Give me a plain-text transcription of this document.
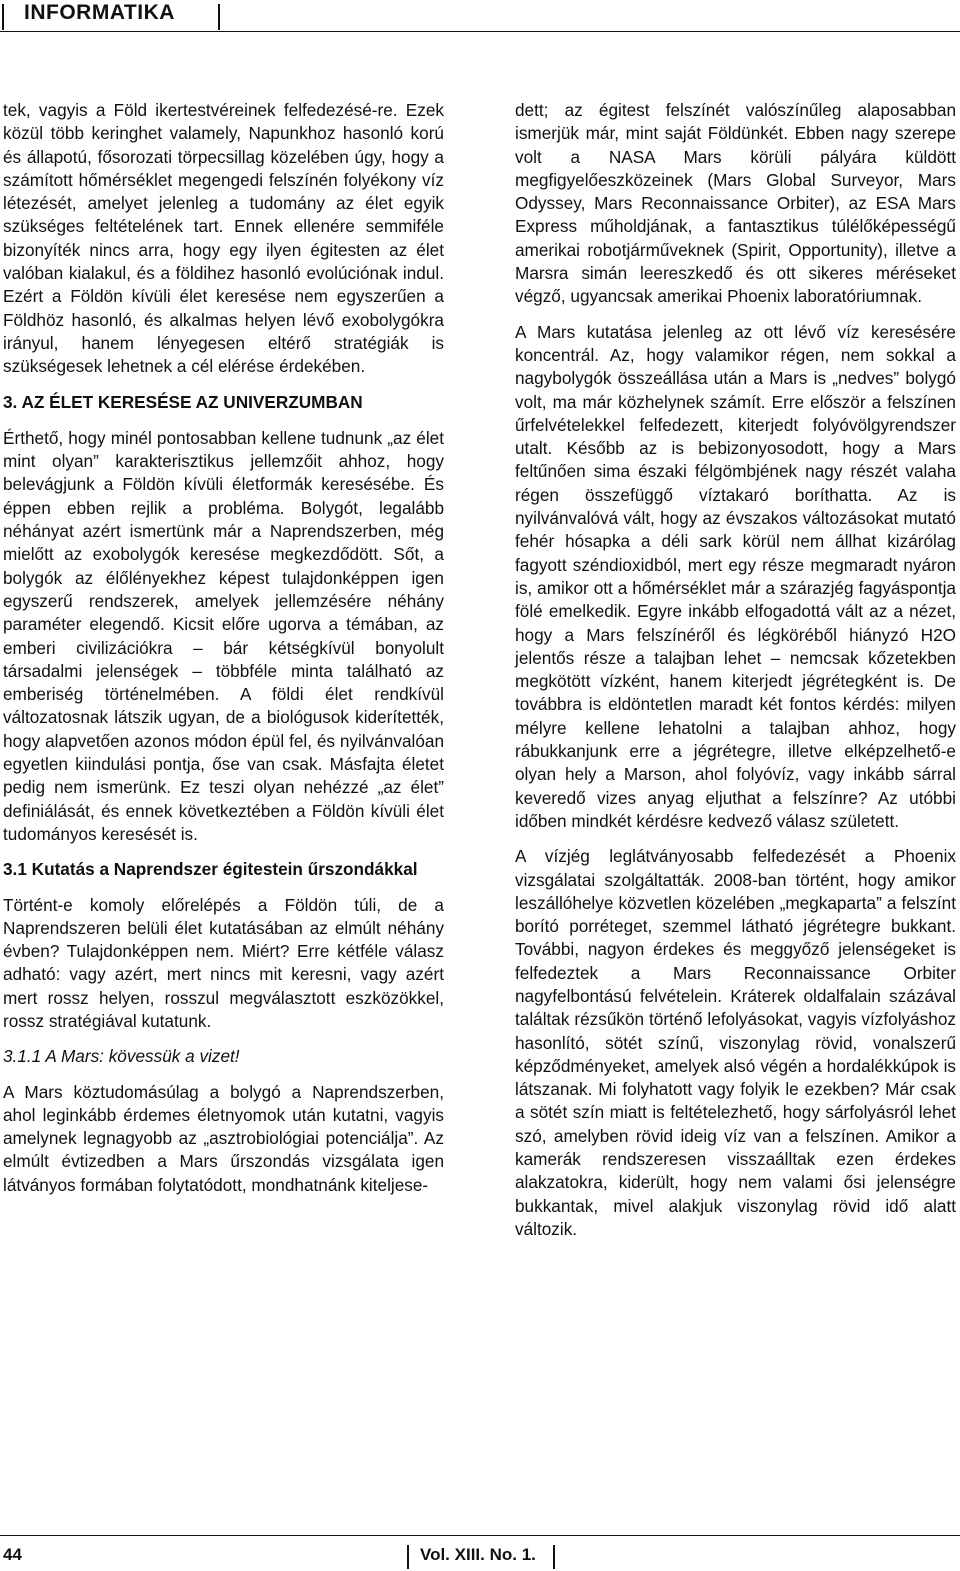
INFORMATIKA

tek, vagyis a Föld ikertestvéreinek felfedezésé-re. Ezek közül több keringhet valamely, Napunkhoz hasonló korú és állapotú, fősorozati törpecsillag közelében úgy, hogy a számított hőmérséklet megengedi felszínén folyékony víz létezését, amelyet jelenleg a tudomány az élet egyik szükséges feltételének tart. Ennek ellenére semmiféle bizonyíték nincs arra, hogy egy ilyen égitesten az élet valóban kialakul, és a földihez hasonló evolúciónak indul. Ezért a Földön kívüli élet keresése nem egyszerűen a Földhöz hasonló, és alkalmas helyen lévő exobolygókra irányul, hanem lényegesen eltérő stratégiák is szükségesek lehetnek a cél elérése érdekében.

3. AZ ÉLET KERESÉSE AZ UNIVERZUMBAN

Érthető, hogy minél pontosabban kellene tudnunk „az élet mint olyan” karakterisztikus jellemzőit ahhoz, hogy belevágjunk a Földön kívüli életformák keresésébe. És éppen ebben rejlik a probléma. Bolygót, legalább néhányat azért ismertünk már a Naprendszerben, még mielőtt az exobolygók keresése megkezdődött. Sőt, a bolygók az élőlényekhez képest tulajdonképpen igen egyszerű rendszerek, amelyek jellemzésére néhány paraméter elegendő. Kicsit előre ugorva a témában, az emberi civilizációkra – bár kétségkívül bonyolult társadalmi jelenségek – többféle minta található az emberiség történelmében. A földi élet rendkívül változatosnak látszik ugyan, de a biológusok kiderítették, hogy alapvetően azonos módon épül fel, és nyilvánvalóan egyetlen kiindulási pontja, őse van csak. Másfajta életet pedig nem ismerünk. Ez teszi olyan nehézzé „az élet” definiálását, és ennek következtében a Földön kívüli élet tudományos keresését is.

3.1 Kutatás a Naprendszer égitestein űrszondákkal

Történt-e komoly előrelépés a Földön túli, de a Naprendszeren belüli élet kutatásában az elmúlt néhány évben? Tulajdonképpen nem. Miért? Erre kétféle válasz adható: vagy azért, mert nincs mit keresni, vagy azért mert rossz helyen, rosszul megválasztott eszközökkel, rossz stratégiával kutatunk.

3.1.1 A Mars: kövessük a vizet!

A Mars köztudomásúlag a bolygó a Naprendszerben, ahol leginkább érdemes életnyomok után kutatni, vagyis amelynek legnagyobb az „asztrobiológiai potenciálja”. Az elmúlt évtizedben a Mars űrszondás vizsgálata igen látványos formában folytatódott, mondhatnánk kiteljese-

dett; az égitest felszínét valószínűleg alaposabban ismerjük már, mint saját Földünkét. Ebben nagy szerepe volt a NASA Mars körüli pályára küldött megfigyelőeszközeinek (Mars Global Surveyor, Mars Odyssey, Mars Reconnaissance Orbiter), az ESA Mars Express műholdjának, a fantasztikus túlélőképességű amerikai robotjárműveknek (Spirit, Opportunity), illetve a Marsra simán leereszkedő és ott sikeres méréseket végző, ugyancsak amerikai Phoenix laboratóriumnak.

A Mars kutatása jelenleg az ott lévő víz keresésére koncentrál. Az, hogy valamikor régen, nem sokkal a nagybolygók összeállása után a Mars is „nedves” bolygó volt, ma már közhelynek számít. Erre először a felszínen űrfelvételekkel felfedezett, kiterjedt folyóvölgyrendszer utalt. Később az is bebizonyosodott, hogy a Mars feltűnően sima északi félgömbjének nagy részét valaha régen összefüggő víztakaró boríthatta. Az is nyilvánvalóvá vált, hogy az évszakos változásokat mutató fehér hósapka a déli sark körül nem állhat kizárólag fagyott széndioxidból, mert egy része megmaradt nyáron is, amikor ott a hőmérséklet már a szárazjég fagyáspontja fölé emelkedik. Egyre inkább elfogadottá vált az a nézet, hogy a Mars felszínéről és légköréből hiányzó H2O jelentős része a talajban lehet – nemcsak kőzetekben megkötött vízként, hanem kiterjedt jégrétegként is. De továbbra is eldöntetlen maradt két fontos kérdés: milyen mélyre kellene lehatolni a talajban ahhoz, hogy rábukkanjunk erre a jégrétegre, illetve elképzelhető-e olyan hely a Marson, ahol folyóvíz, vagy inkább sárral keveredő vizes anyag eljuthat a felszínre? Az utóbbi időben mindkét kérdésre kedvező válasz született.

A vízjég leglátványosabb felfedezését a Phoenix vizsgálatai szolgáltatták. 2008-ban történt, hogy amikor leszállóhelye közvetlen közelében „megkaparta” a felszínt borító porréteget, szemmel látható jégrétegre bukkant. További, nagyon érdekes és meggyőző jelenségeket is felfedeztek a Mars Reconnaissance Orbiter nagyfelbontású felvételein. Kráterek oldalfalain százával találtak rézsűkön történő lefolyásokat, vagyis vízfolyáshoz hasonlító, sötét színű, viszonylag rövid, vonalszerű képződményeket, amelyek alsó végén a hordalékkúpok is látszanak. Mi folyhatott vagy folyik le ezekben? Már csak a sötét szín miatt is feltételezhető, hogy sárfolyásról lehet szó, amelyben rövid ideig víz van a felszínen. Amikor a kamerák rendszeresen visszaálltak ezen érdekes alakzatokra, kiderült, hogy nem valami ősi jelenségre bukkantak, mivel alakjuk viszonylag rövid idő alatt változik.

44	Vol. XIII. No. 1.
